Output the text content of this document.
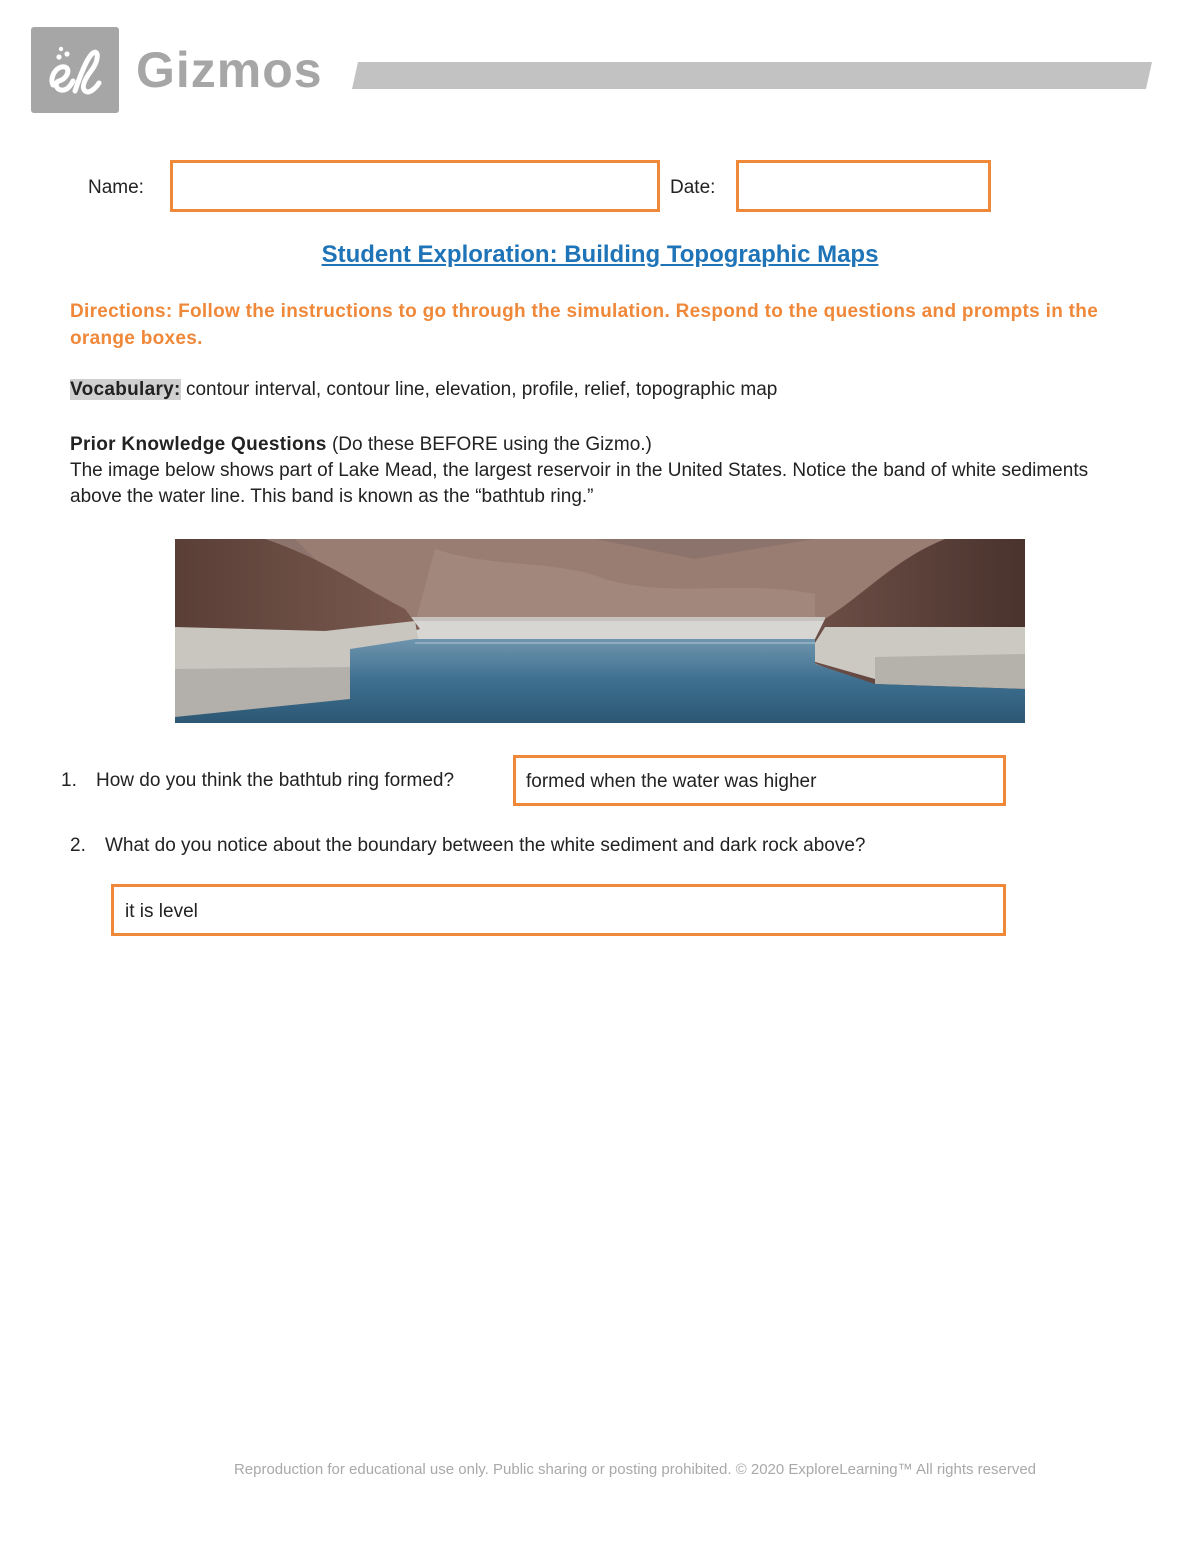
Gizmos
Name:	Date:
Student Exploration: Building Topographic Maps
Directions: Follow the instructions to go through the simulation. Respond to the questions and prompts in the orange boxes.
Vocabulary: contour interval, contour line, elevation, profile, relief, topographic map
Prior Knowledge Questions (Do these BEFORE using the Gizmo.)
The image below shows part of Lake Mead, the largest reservoir in the United States. Notice the band of white sediments above the water line. This band is known as the “bathtub ring.”
1. How do you think the bathtub ring formed?	formed when the water was higher
2. What do you notice about the boundary between the white sediment and dark rock above?
it is level
Reproduction for educational use only. Public sharing or posting prohibited. © 2020 ExploreLearning™ All rights reserved
